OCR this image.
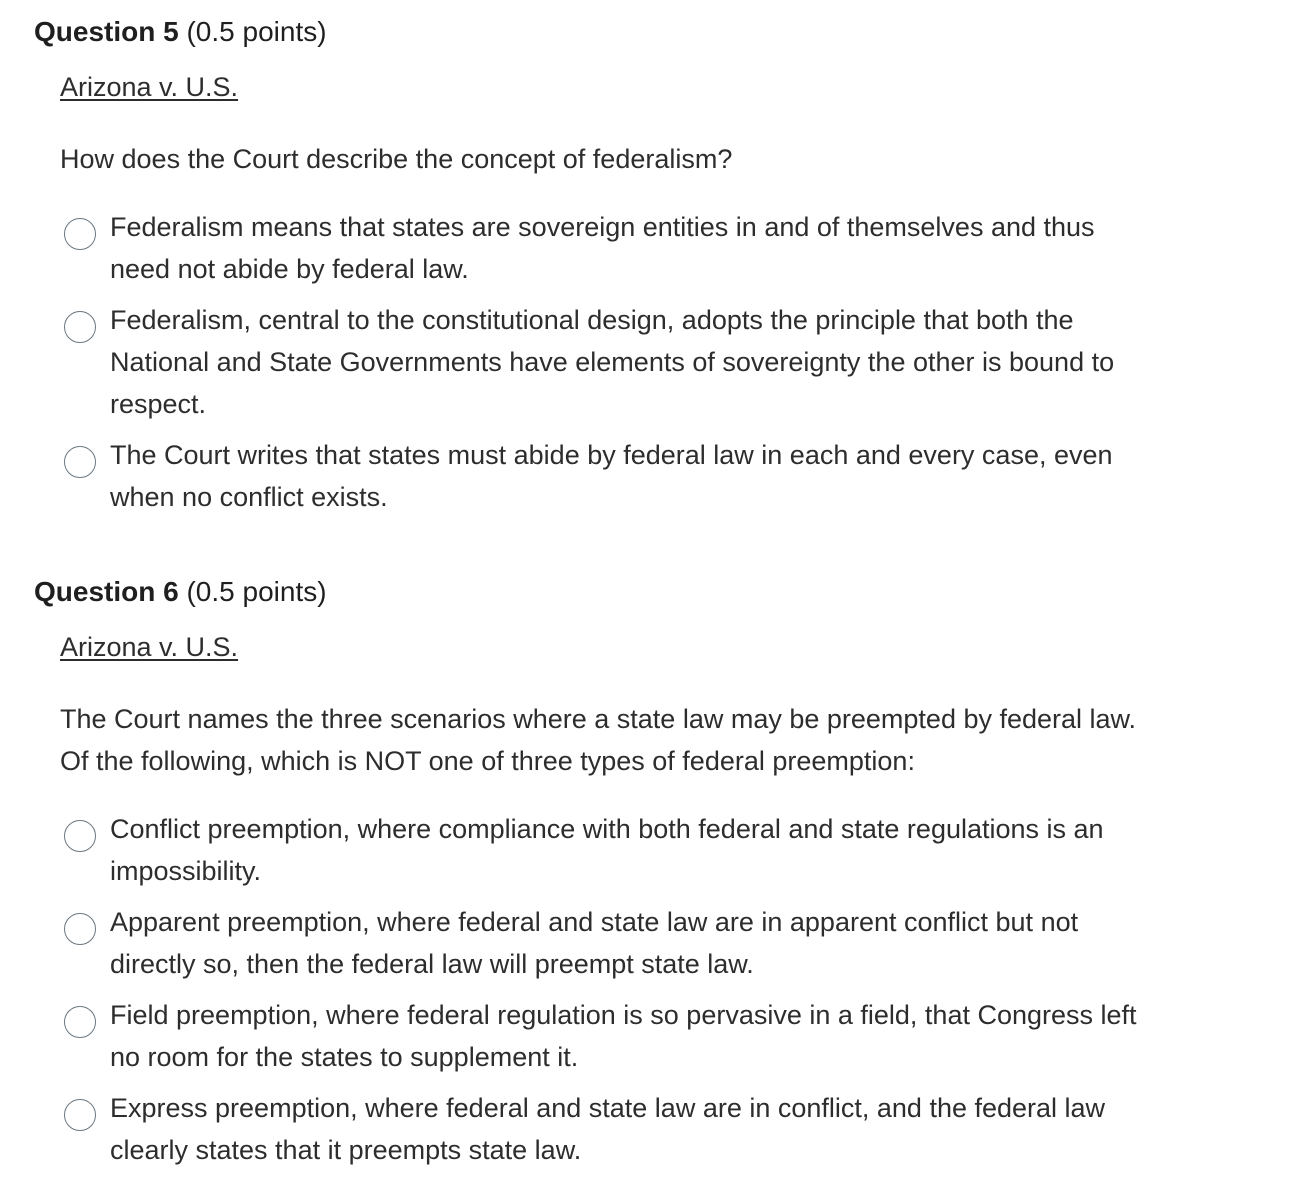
Question 5 (0.5 points)
Arizona v. U.S.
How does the Court describe the concept of federalism?
Federalism means that states are sovereign entities in and of themselves and thus need not abide by federal law.
Federalism, central to the constitutional design, adopts the principle that both the National and State Governments have elements of sovereignty the other is bound to respect.
The Court writes that states must abide by federal law in each and every case, even when no conflict exists.
Question 6 (0.5 points)
Arizona v. U.S.
The Court names the three scenarios where a state law may be preempted by federal law. Of the following, which is NOT one of three types of federal preemption:
Conflict preemption, where compliance with both federal and state regulations is an impossibility.
Apparent preemption, where federal and state law are in apparent conflict but not directly so, then the federal law will preempt state law.
Field preemption, where federal regulation is so pervasive in a field, that Congress left no room for the states to supplement it.
Express preemption, where federal and state law are in conflict, and the federal law clearly states that it preempts state law.
